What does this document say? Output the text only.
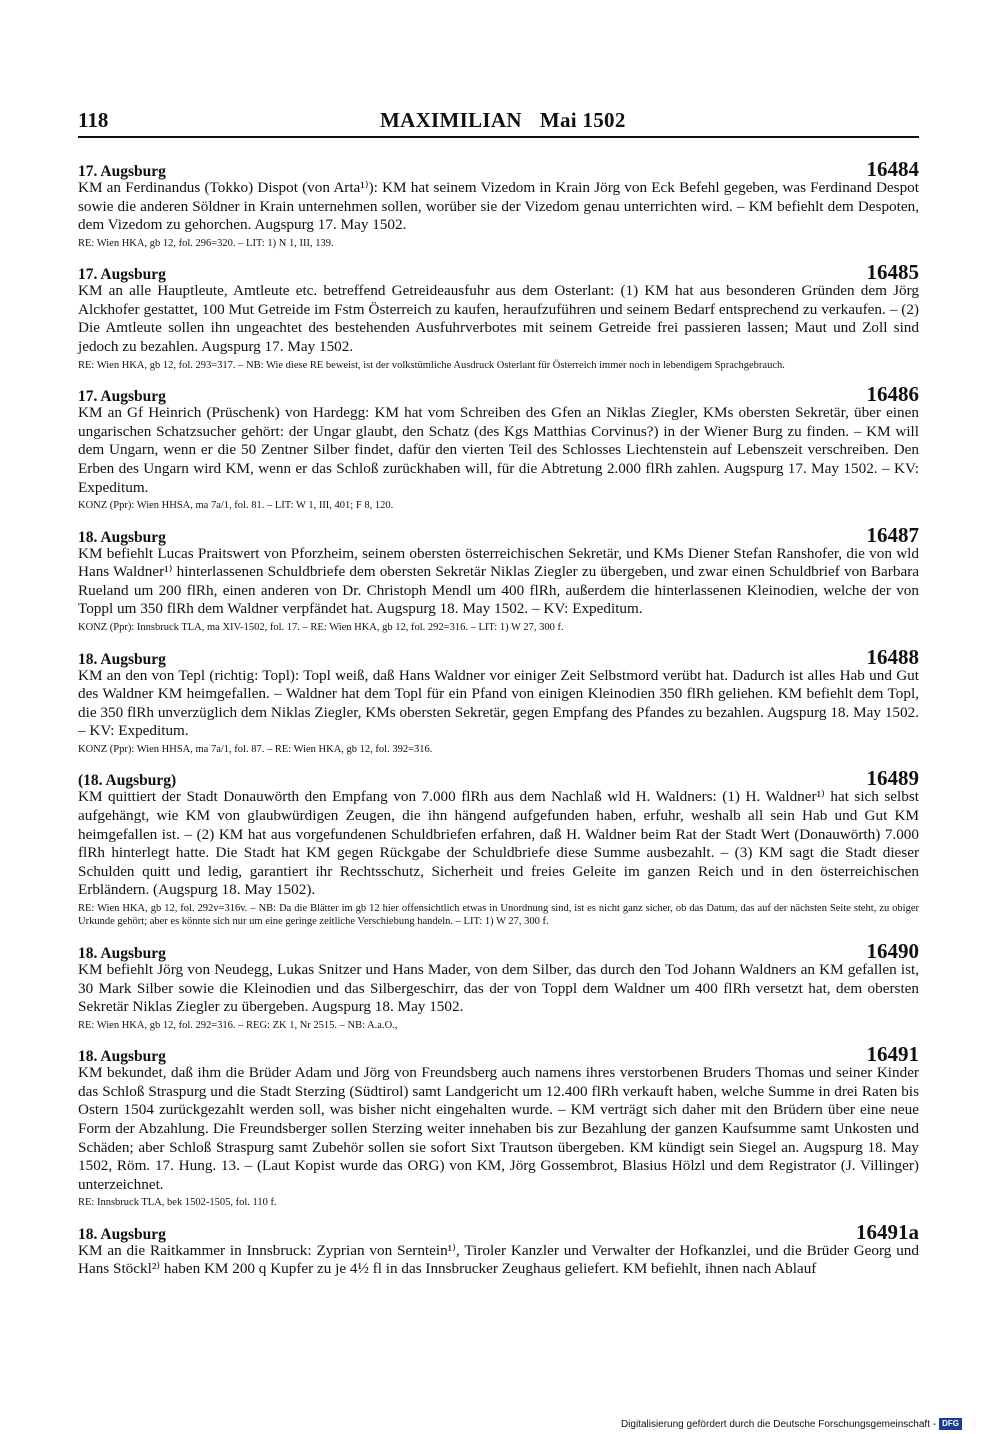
118	MAXIMILIAN Mai 1502
17. Augsburg	16484
KM an Ferdinandus (Tokko) Dispot (von Arta¹⁾): KM hat seinem Vizedom in Krain Jörg von Eck Befehl gegeben, was Ferdinand Despot sowie die anderen Söldner in Krain unternehmen sollen, worüber sie der Vizedom genau unterrichten wird. – KM befiehlt dem Despoten, dem Vizedom zu gehorchen. Augspurg 17. May 1502.
RE: Wien HKA, gb 12, fol. 296=320. – LIT: 1) N 1, III, 139.
17. Augsburg	16485
KM an alle Hauptleute, Amtleute etc. betreffend Getreideausfuhr aus dem Osterlant: (1) KM hat aus besonderen Gründen dem Jörg Alckhofer gestattet, 100 Mut Getreide im Fstm Österreich zu kaufen, heraufzuführen und seinem Bedarf entsprechend zu verkaufen. – (2) Die Amtleute sollen ihn ungeachtet des bestehenden Ausfuhrverbotes mit seinem Getreide frei passieren lassen; Maut und Zoll sind jedoch zu bezahlen. Augspurg 17. May 1502.
RE: Wien HKA, gb 12, fol. 293=317. – NB: Wie diese RE beweist, ist der volkstümliche Ausdruck Osterlant für Österreich immer noch in lebendigem Sprachgebrauch.
17. Augsburg	16486
KM an Gf Heinrich (Prüschenk) von Hardegg: KM hat vom Schreiben des Gfen an Niklas Ziegler, KMs obersten Sekretär, über einen ungarischen Schatzsucher gehört: der Ungar glaubt, den Schatz (des Kgs Matthias Corvinus?) in der Wiener Burg zu finden. – KM will dem Ungarn, wenn er die 50 Zentner Silber findet, dafür den vierten Teil des Schlosses Liechtenstein auf Lebenszeit verschreiben. Den Erben des Ungarn wird KM, wenn er das Schloß zurückhaben will, für die Abtretung 2.000 flRh zahlen. Augspurg 17. May 1502. – KV: Expeditum.
KONZ (Ppr): Wien HHSA, ma 7a/1, fol. 81. – LIT: W 1, III, 401; F 8, 120.
18. Augsburg	16487
KM befiehlt Lucas Praitswert von Pforzheim, seinem obersten österreichischen Sekretär, und KMs Diener Stefan Ranshofer, die von wld Hans Waldner¹⁾ hinterlassenen Schuldbriefe dem obersten Sekretär Niklas Ziegler zu übergeben, und zwar einen Schuldbrief von Barbara Rueland um 200 flRh, einen anderen von Dr. Christoph Mendl um 400 flRh, außerdem die hinterlassenen Kleinodien, welche der von Toppl um 350 flRh dem Waldner verpfändet hat. Augspurg 18. May 1502. – KV: Expeditum.
KONZ (Ppr): Innsbruck TLA, ma XIV-1502, fol. 17. – RE: Wien HKA, gb 12, fol. 292=316. – LIT: 1) W 27, 300 f.
18. Augsburg	16488
KM an den von Tepl (richtig: Topl): Topl weiß, daß Hans Waldner vor einiger Zeit Selbstmord verübt hat. Dadurch ist alles Hab und Gut des Waldner KM heimgefallen. – Waldner hat dem Topl für ein Pfand von einigen Kleinodien 350 flRh geliehen. KM befiehlt dem Topl, die 350 flRh unverzüglich dem Niklas Ziegler, KMs obersten Sekretär, gegen Empfang des Pfandes zu bezahlen. Augspurg 18. May 1502. – KV: Expeditum.
KONZ (Ppr): Wien HHSA, ma 7a/1, fol. 87. – RE: Wien HKA, gb 12, fol. 392=316.
(18. Augsburg)	16489
KM quittiert der Stadt Donauwörth den Empfang von 7.000 flRh aus dem Nachlaß wld H. Waldners: (1) H. Waldner¹⁾ hat sich selbst aufgehängt, wie KM von glaubwürdigen Zeugen, die ihn hängend aufgefunden haben, erfuhr, weshalb all sein Hab und Gut KM heimgefallen ist. – (2) KM hat aus vorgefundenen Schuldbriefen erfahren, daß H. Waldner beim Rat der Stadt Wert (Donauwörth) 7.000 flRh hinterlegt hatte. Die Stadt hat KM gegen Rückgabe der Schuldbriefe diese Summe ausbezahlt. – (3) KM sagt die Stadt dieser Schulden quitt und ledig, garantiert ihr Rechtsschutz, Sicherheit und freies Geleite im ganzen Reich und in den österreichischen Erbländern. (Augspurg 18. May 1502).
RE: Wien HKA, gb 12, fol. 292v=316v. – NB: Da die Blätter im gb 12 hier offensichtlich etwas in Unordnung sind, ist es nicht ganz sicher, ob das Datum, das auf der nächsten Seite steht, zu obiger Urkunde gehört; aber es könnte sich nur um eine geringe zeitliche Verschiebung handeln. – LIT: 1) W 27, 300 f.
18. Augsburg	16490
KM befiehlt Jörg von Neudegg, Lukas Snitzer und Hans Mader, von dem Silber, das durch den Tod Johann Waldners an KM gefallen ist, 30 Mark Silber sowie die Kleinodien und das Silbergeschirr, das der von Toppl dem Waldner um 400 flRh versetzt hat, dem obersten Sekretär Niklas Ziegler zu übergeben. Augspurg 18. May 1502.
RE: Wien HKA, gb 12, fol. 292=316. – REG: ZK 1, Nr 2515. – NB: A.a.O.,
18. Augsburg	16491
KM bekundet, daß ihm die Brüder Adam und Jörg von Freundsberg auch namens ihres verstorbenen Bruders Thomas und seiner Kinder das Schloß Straspurg und die Stadt Sterzing (Südtirol) samt Landgericht um 12.400 flRh verkauft haben, welche Summe in drei Raten bis Ostern 1504 zurückgezahlt werden soll, was bisher nicht eingehalten wurde. – KM verträgt sich daher mit den Brüdern über eine neue Form der Abzahlung. Die Freundsberger sollen Sterzing weiter innehaben bis zur Bezahlung der ganzen Kaufsumme samt Unkosten und Schäden; aber Schloß Straspurg samt Zubehör sollen sie sofort Sixt Trautson übergeben. KM kündigt sein Siegel an. Augspurg 18. May 1502, Röm. 17. Hung. 13. – (Laut Kopist wurde das ORG) von KM, Jörg Gossembrot, Blasius Hölzl und dem Registrator (J. Villinger) unterzeichnet.
RE: Innsbruck TLA, bek 1502-1505, fol. 110 f.
18. Augsburg	16491a
KM an die Raitkammer in Innsbruck: Zyprian von Serntein¹⁾, Tiroler Kanzler und Verwalter der Hofkanzlei, und die Brüder Georg und Hans Stöckl²⁾ haben KM 200 q Kupfer zu je 4½ fl in das Innsbrucker Zeughaus geliefert. KM befiehlt, ihnen nach Ablauf
Digitalisierung gefördert durch die Deutsche Forschungsgemeinschaft - DFG
